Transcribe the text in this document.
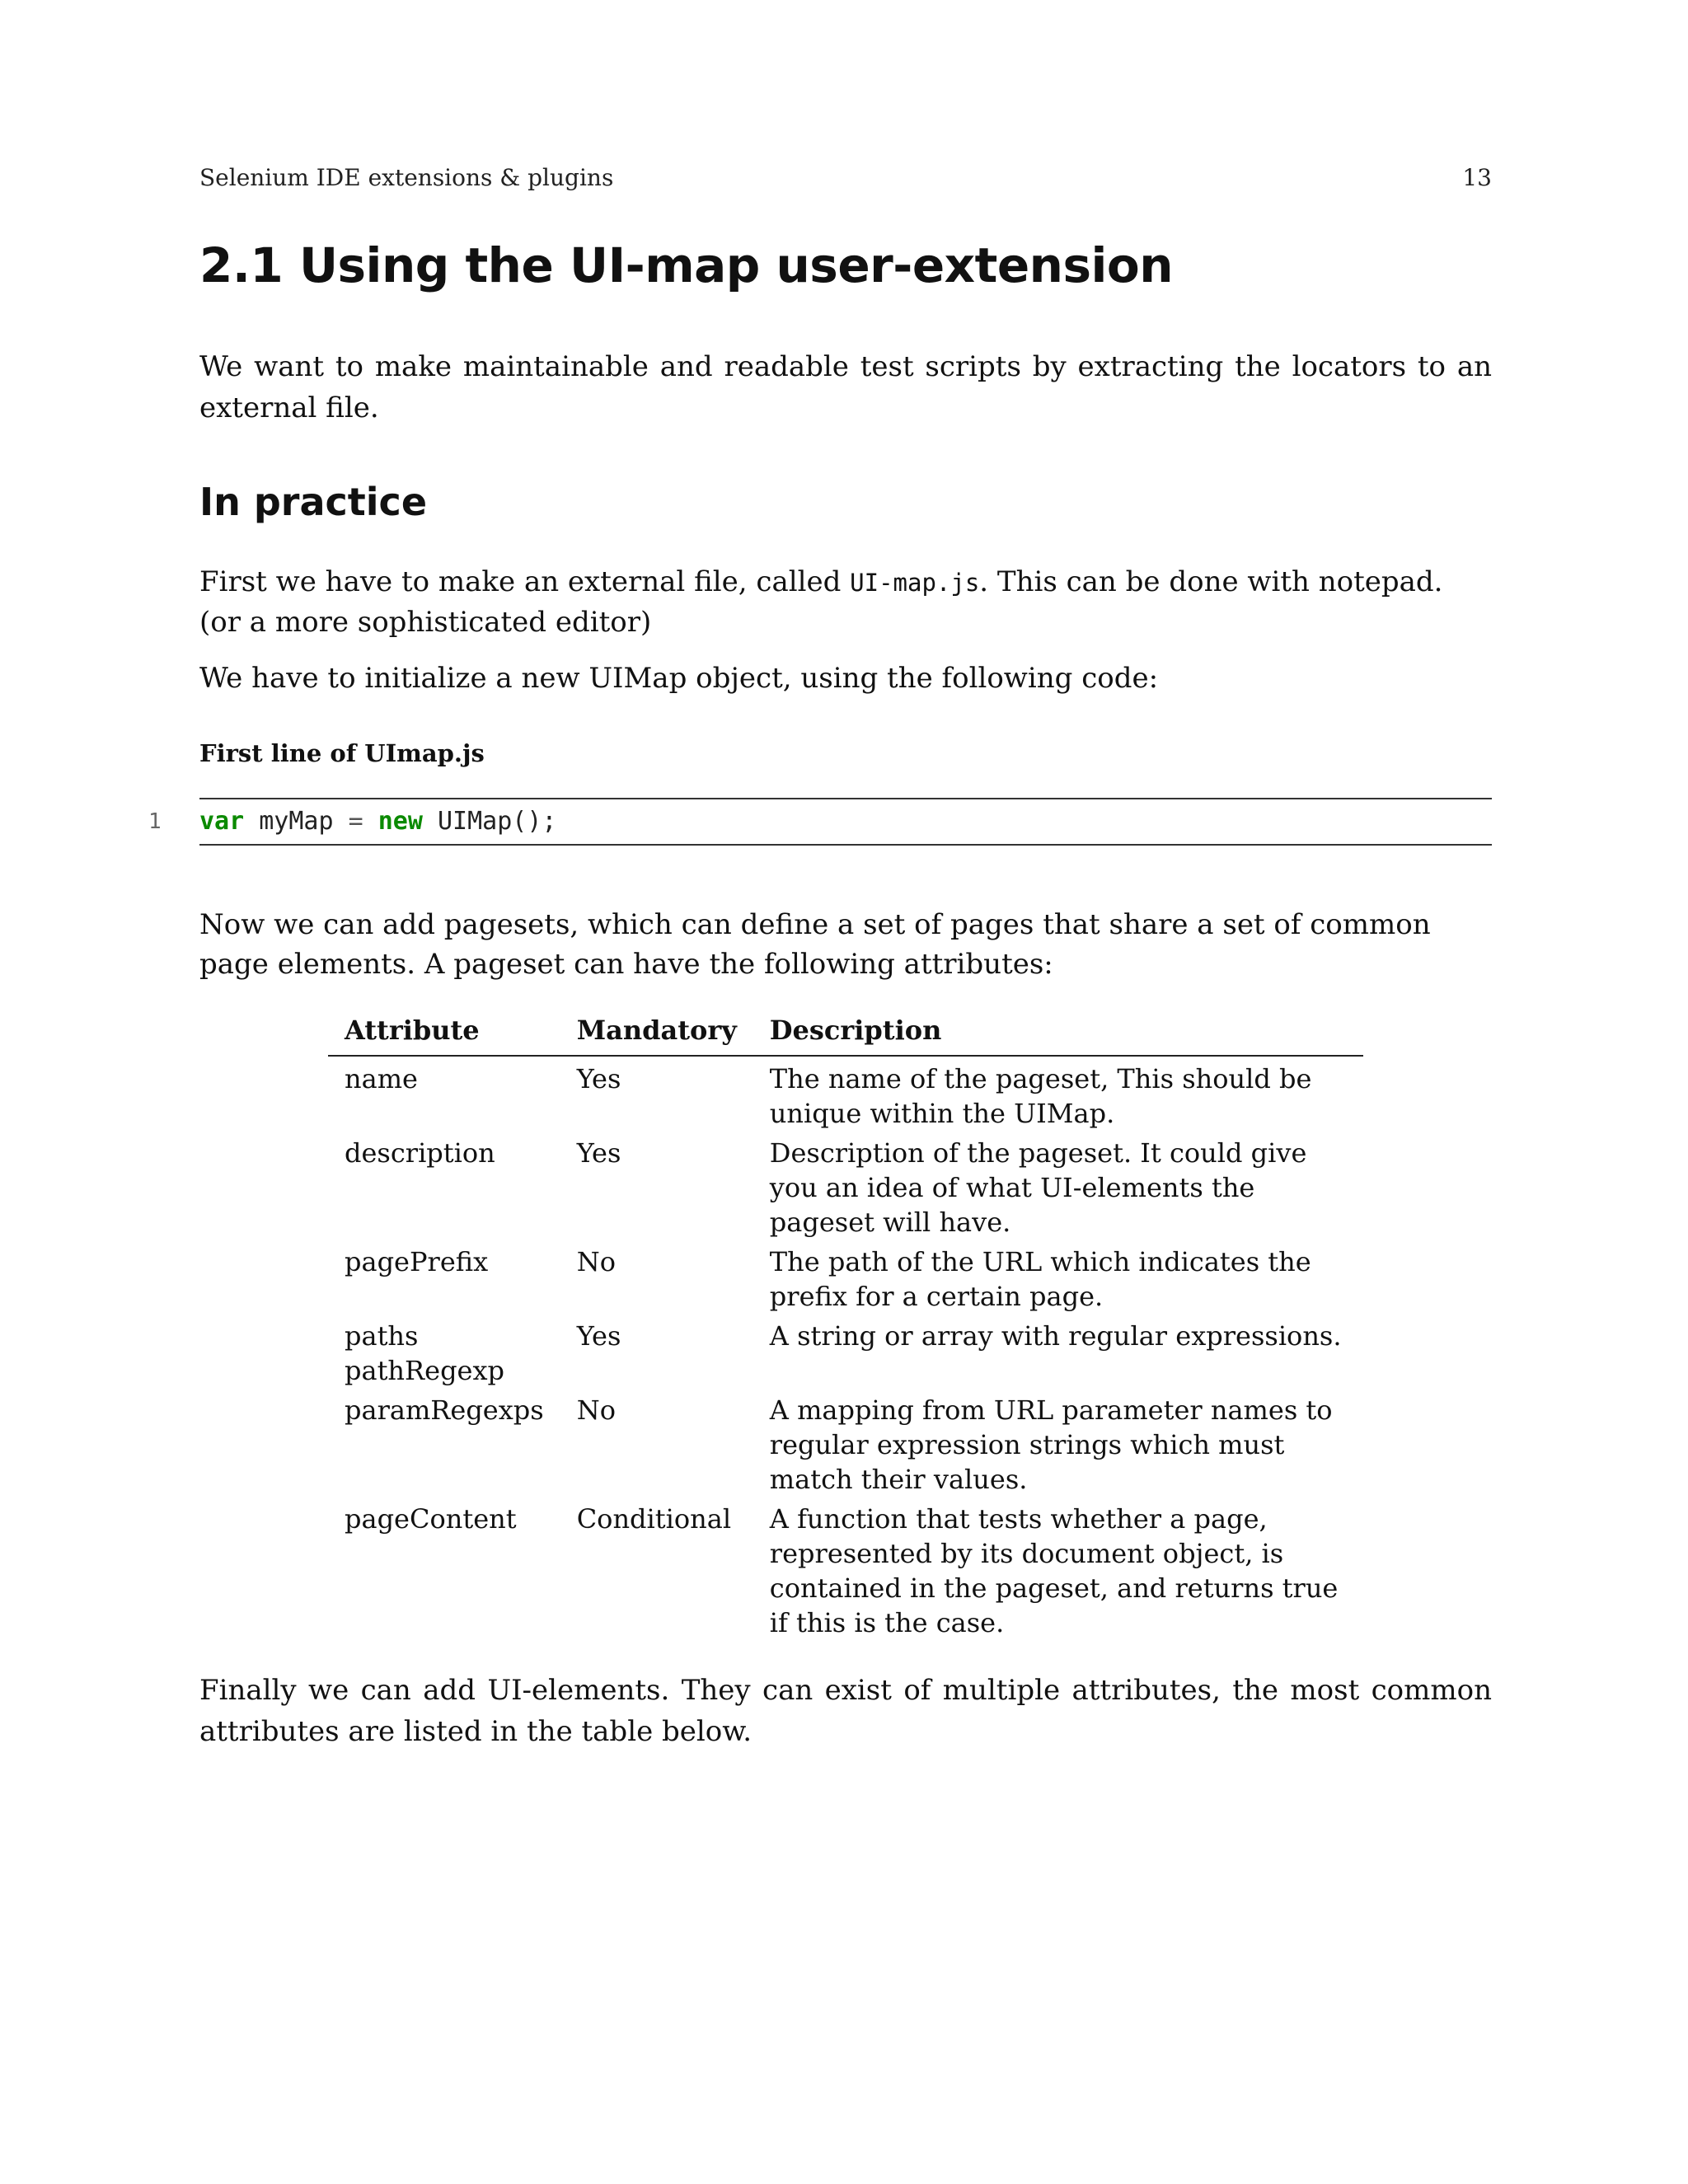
Selenium IDE extensions & plugins	13
2.1 Using the UI-map user-extension

We want to make maintainable and readable test scripts by extracting the locators to an external file.

In practice

First we have to make an external file, called UI-map.js. This can be done with notepad. (or a more sophisticated editor)

We have to initialize a new UIMap object, using the following code:

First line of UImap.js

1 var myMap = new UIMap();

Now we can add pagesets, which can define a set of pages that share a set of common page elements. A pageset can have the following attributes:

Attribute	Mandatory	Description
name	Yes	The name of the pageset, This should be unique within the UIMap.
description	Yes	Description of the pageset. It could give you an idea of what UI-elements the pageset will have.
pagePrefix	No	The path of the URL which indicates the prefix for a certain page.
paths pathRegexp	Yes	A string or array with regular expressions.
paramRegexps	No	A mapping from URL parameter names to regular expression strings which must match their values.
pageContent	Conditional	A function that tests whether a page, represented by its document object, is contained in the pageset, and returns true if this is the case.

Finally we can add UI-elements. They can exist of multiple attributes, the most common attributes are listed in the table below.
